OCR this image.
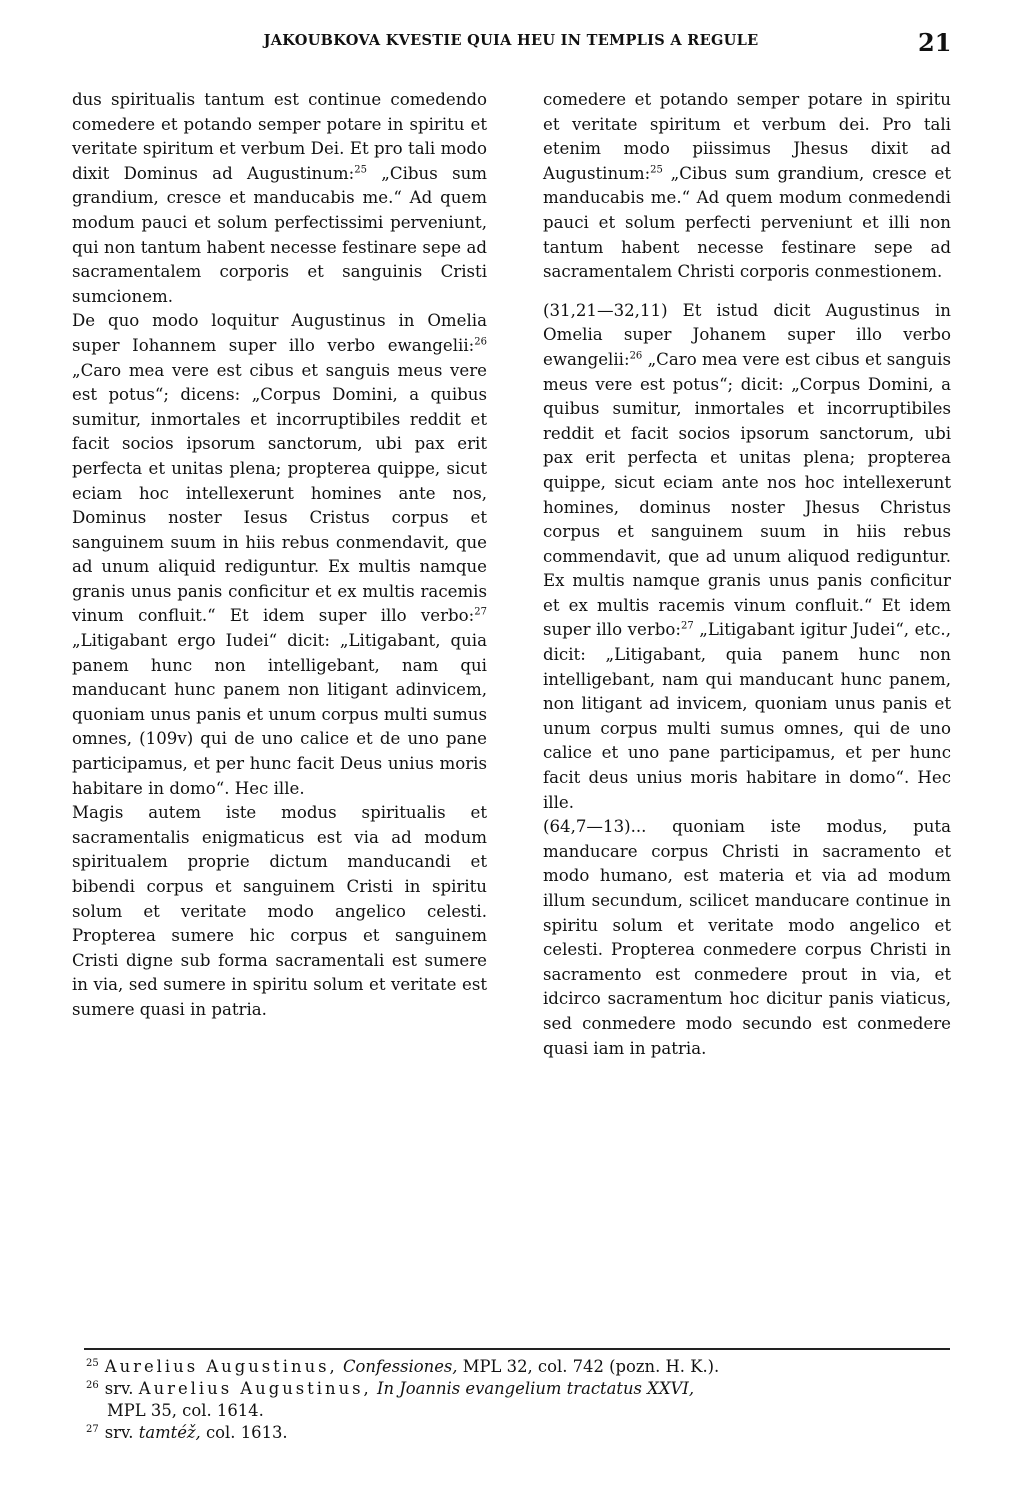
JAKOUBKOVA KVESTIE QUIA HEU IN TEMPLIS A REGULE	21

dus spiritualis tantum est continue comedendo comedere et potando semper potare in spiritu et veritate spiritum et verbum Dei. Et pro tali modo dixit Dominus ad Augustinum:$^{25}$ „Cibus sum grandium, cresce et manducabis me.“ Ad quem modum pauci et solum perfectissimi perveniunt, qui non tantum habent necesse festinare sepe ad sacramentalem corporis et sanguinis Cristi sumcionem.

De quo modo loquitur Augustinus in Omelia super Iohannem super illo verbo ewangelii:$^{26}$ „Caro mea vere est cibus et sanguis meus vere est potus“; dicens: „Corpus Domini, a quibus sumitur, inmortales et incorruptibiles reddit et facit socios ipsorum sanctorum, ubi pax erit perfecta et unitas plena; propterea quippe, sicut eciam hoc intellexerunt homines ante nos, Dominus noster Iesus Cristus corpus et sanguinem suum in hiis rebus conmendavit, que ad unum aliquid rediguntur. Ex multis namque granis unus panis conficitur et ex multis racemis vinum confluit.“ Et idem super illo verbo:$^{27}$ „Litigabant ergo Iudei“ dicit: „Litigabant, quia panem hunc non intelligebant, nam qui manducant hunc panem non litigant adinvicem, quoniam unus panis et unum corpus multi sumus omnes, (109v) qui de uno calice et de uno pane participamus, et per hunc facit Deus unius moris habitare in domo“. Hec ille.

Magis autem iste modus spiritualis et sacramentalis enigmaticus est via ad modum spiritualem proprie dictum manducandi et bibendi corpus et sanguinem Cristi in spiritu solum et veritate modo angelico celesti. Propterea sumere hic corpus et sanguinem Cristi digne sub forma sacramentali est sumere in via, sed sumere in spiritu solum et veritate est sumere quasi in patria.

comedere et potando semper potare in spiritu et veritate spiritum et verbum dei. Pro tali etenim modo piissimus Jhesus dixit ad Augustinum:$^{25}$ „Cibus sum grandium, cresce et manducabis me.“ Ad quem modum conmedendi pauci et solum perfecti perveniunt et illi non tantum habent necesse festinare sepe ad sacramentalem Christi corporis conmestionem.

(31,21—32,11) Et istud dicit Augustinus in Omelia super Johanem super illo verbo ewangelii:$^{26}$ „Caro mea vere est cibus et sanguis meus vere est potus“; dicit: „Corpus Domini, a quibus sumitur, inmortales et incorruptibiles reddit et facit socios ipsorum sanctorum, ubi pax erit perfecta et unitas plena; propterea quippe, sicut eciam ante nos hoc intellexerunt homines, dominus noster Jhesus Christus corpus et sanguinem suum in hiis rebus commendavit, que ad unum aliquod rediguntur. Ex multis namque granis unus panis conficitur et ex multis racemis vinum confluit.“ Et idem super illo verbo:$^{27}$ „Litigabant igitur Judei“, etc., dicit: „Litigabant, quia panem hunc non intelligebant, nam qui manducant hunc panem, non litigant ad invicem, quoniam unus panis et unum corpus multi sumus omnes, qui de uno calice et uno pane participamus, et per hunc facit deus unius moris habitare in domo“. Hec ille.

(64,7—13)... quoniam iste modus, puta manducare corpus Christi in sacramento et modo humano, est materia et via ad modum illum secundum, scilicet manducare continue in spiritu solum et veritate modo angelico et celesti. Propterea conmedere corpus Christi in sacramento est conmedere prout in via, et idcirco sacramentum hoc dicitur panis viaticus, sed conmedere modo secundo est conmedere quasi iam in patria.

$^{25}$ Aurelius Augustinus, Confessiones, MPL 32, col. 742 (pozn. H. K.).

$^{26}$ srv. Aurelius Augustinus, In Joannis evangelium tractatus XXVI,

MPL 35, col. 1614.

$^{27}$ srv. tamtéž, col. 1613.
